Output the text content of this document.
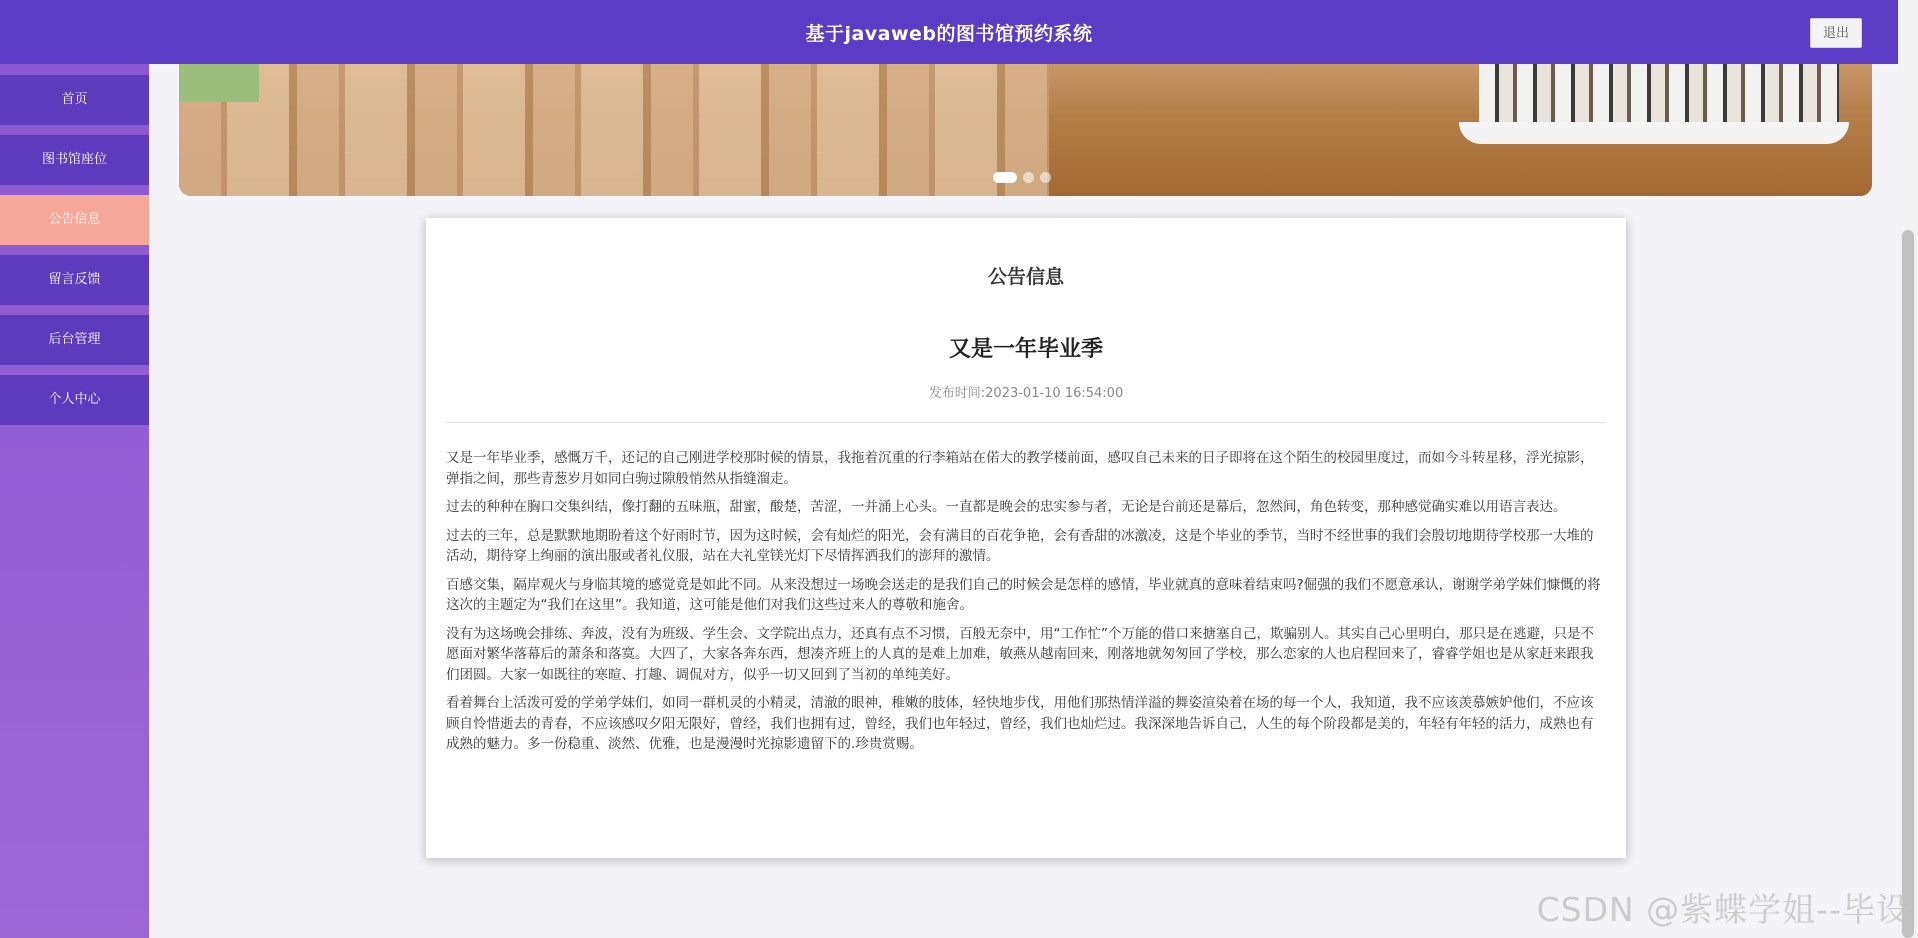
基于javaweb的图书馆预约系统	退出
首页
图书馆座位
公告信息
留言反馈
后台管理
个人中心
公告信息
又是一年毕业季
发布时间:2023-01-10 16:54:00

又是一年毕业季，感慨万千，还记的自己刚进学校那时候的情景，我拖着沉重的行李箱站在偌大的教学楼前面，感叹自己未来的日子即将在这个陌生的校园里度过，而如今斗转星移，浮光掠影，弹指之间，那些青葱岁月如同白驹过隙般悄然从指缝溜走。

过去的种种在胸口交集纠结，像打翻的五味瓶，甜蜜，酸楚，苦涩，一并涌上心头。一直都是晚会的忠实参与者，无论是台前还是幕后，忽然间，角色转变，那种感觉确实难以用语言表达。

过去的三年，总是默默地期盼着这个好雨时节，因为这时候，会有灿烂的阳光，会有满目的百花争艳，会有香甜的冰激凌，这是个毕业的季节，当时不经世事的我们会殷切地期待学校那一大堆的活动，期待穿上绚丽的演出服或者礼仪服，站在大礼堂镁光灯下尽情挥洒我们的澎拜的激情。

百感交集，隔岸观火与身临其境的感觉竟是如此不同。从来没想过一场晚会送走的是我们自己的时候会是怎样的感情，毕业就真的意味着结束吗?倔强的我们不愿意承认，谢谢学弟学妹们慷慨的将这次的主题定为“我们在这里”。我知道，这可能是他们对我们这些过来人的尊敬和施舍。

没有为这场晚会排练、奔波，没有为班级、学生会、文学院出点力，还真有点不习惯，百般无奈中，用“工作忙”个万能的借口来搪塞自己，欺骗别人。其实自己心里明白，那只是在逃避，只是不愿面对繁华落幕后的萧条和落寞。大四了，大家各奔东西，想凑齐班上的人真的是难上加难，敏燕从越南回来，刚落地就匆匆回了学校，那么恋家的人也启程回来了，睿睿学姐也是从家赶来跟我们团圆。大家一如既往的寒暄、打趣、调侃对方，似乎一切又回到了当初的单纯美好。

看着舞台上活泼可爱的学弟学妹们，如同一群机灵的小精灵，清澈的眼神，稚嫩的肢体，轻快地步伐，用他们那热情洋溢的舞姿渲染着在场的每一个人，我知道，我不应该羡慕嫉妒他们，不应该顾自怜惜逝去的青春，不应该感叹夕阳无限好，曾经，我们也拥有过，曾经，我们也年轻过，曾经，我们也灿烂过。我深深地告诉自己，人生的每个阶段都是美的，年轻有年轻的活力，成熟也有成熟的魅力。多一份稳重、淡然、优雅，也是漫漫时光掠影遗留下的.珍贵赏赐。

CSDN @紫蝶学姐--毕设
